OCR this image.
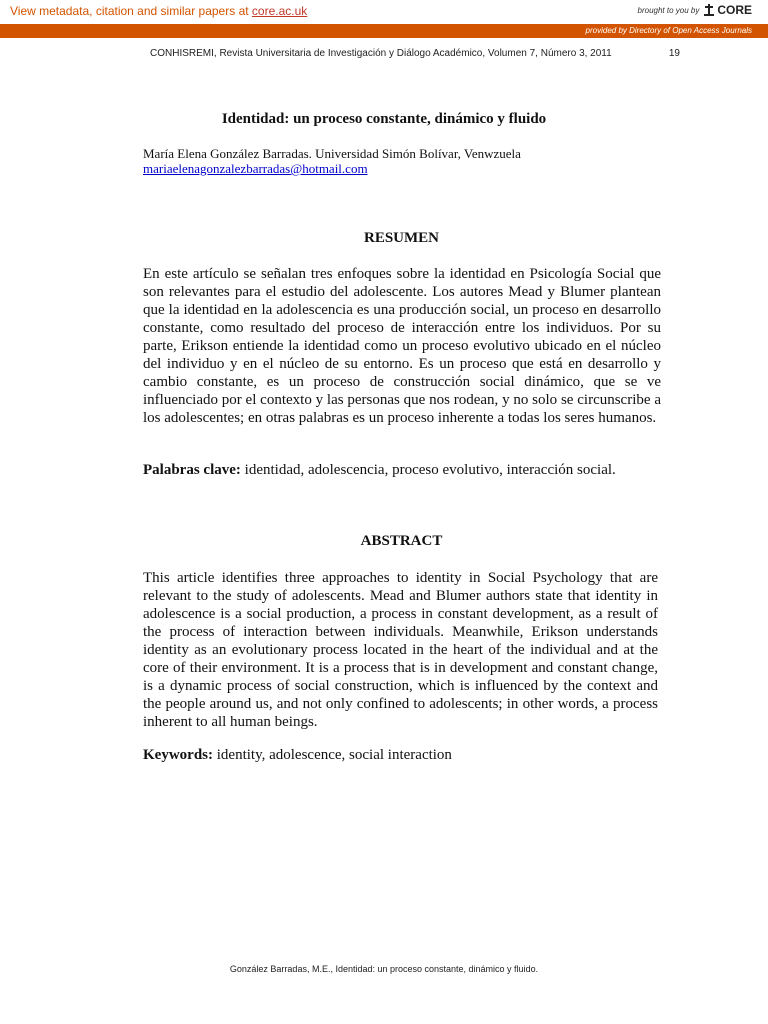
View metadata, citation and similar papers at core.ac.uk	brought to you by CORE
provided by Directory of Open Access Journals
CONHISREMI, Revista Universitaria de Investigación y Diálogo Académico, Volumen 7, Número 3, 2011	19
Identidad: un proceso constante, dinámico y fluido
María Elena González Barradas. Universidad Simón Bolívar, Venwzuela
mariaelenagonzalezbarradas@hotmail.com
RESUMEN
En este artículo se señalan tres enfoques sobre la identidad en Psicología Social que son relevantes para el estudio del adolescente. Los autores Mead y Blumer plantean que la identidad en la adolescencia es una producción social, un proceso en desarrollo constante, como resultado del proceso de interacción entre los individuos. Por su parte, Erikson entiende la identidad como un proceso evolutivo ubicado en el núcleo del individuo y en el núcleo de su entorno. Es un proceso que está en desarrollo y cambio constante, es un proceso de construcción social dinámico, que se ve influenciado por el contexto y las personas que nos rodean, y no solo se circunscribe a los adolescentes; en otras palabras es un proceso inherente a todas los seres humanos.
Palabras clave: identidad, adolescencia, proceso evolutivo, interacción social.
ABSTRACT
This article identifies three approaches to identity in Social Psychology that are relevant to the study of adolescents. Mead and Blumer authors state that identity in adolescence is a social production, a process in constant development, as a result of the process of interaction between individuals. Meanwhile, Erikson understands identity as an evolutionary process located in the heart of the individual and at the core of their environment. It is a process that is in development and constant change, is a dynamic process of social construction, which is influenced by the context and the people around us, and not only confined to adolescents; in other words, a process inherent to all human beings.
Keywords: identity, adolescence, social interaction
González Barradas, M.E., Identidad: un proceso constante, dinámico y fluido.
